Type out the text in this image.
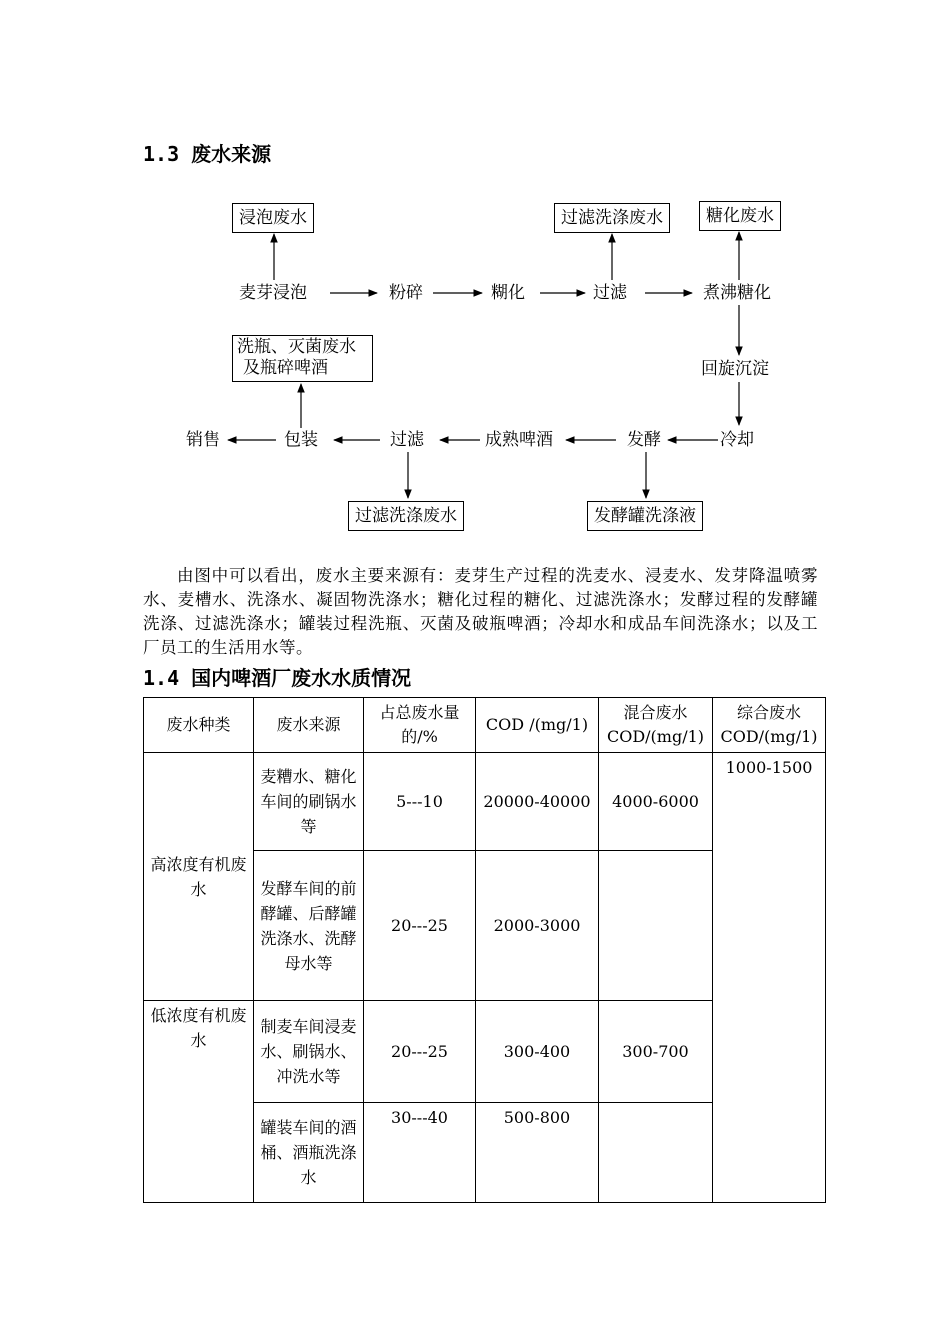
1.3 废水来源
浸泡废水	过滤洗涤废水	糖化废水
洗瓶、灭菌废水
及瓶碎啤酒
过滤洗涤废水	发酵罐洗涤液
麦芽浸泡	粉碎	糊化	过滤	煮沸糖化
回旋沉淀
冷却
发酵
成熟啤酒
过滤
包装
销售

由图中可以看出，废水主要来源有：麦芽生产过程的洗麦水、浸麦水、发芽降温喷雾水、麦槽水、洗涤水、凝固物洗涤水；糖化过程的糖化、过滤洗涤水；发酵过程的发酵罐洗涤、过滤洗涤水；罐装过程洗瓶、灭菌及破瓶啤酒；冷却水和成品车间洗涤水；以及工厂员工的生活用水等。

1.4 国内啤酒厂废水水质情况
废水种类	废水来源	占总废水量的/%	COD /(mg/1)	混合废水COD/(mg/1)	综合废水COD/(mg/1)
高浓度有机废水	麦糟水、糖化车间的刷锅水等	5---10	20000-40000	4000-6000	1000-1500
	发酵车间的前酵罐、后酵罐洗涤水、洗酵母水等	20---25	2000-3000		
低浓度有机废水	制麦车间浸麦水、刷锅水、冲洗水等	20---25	300-400	300-700	
	罐装车间的酒桶、酒瓶洗涤水	30---40	500-800		
